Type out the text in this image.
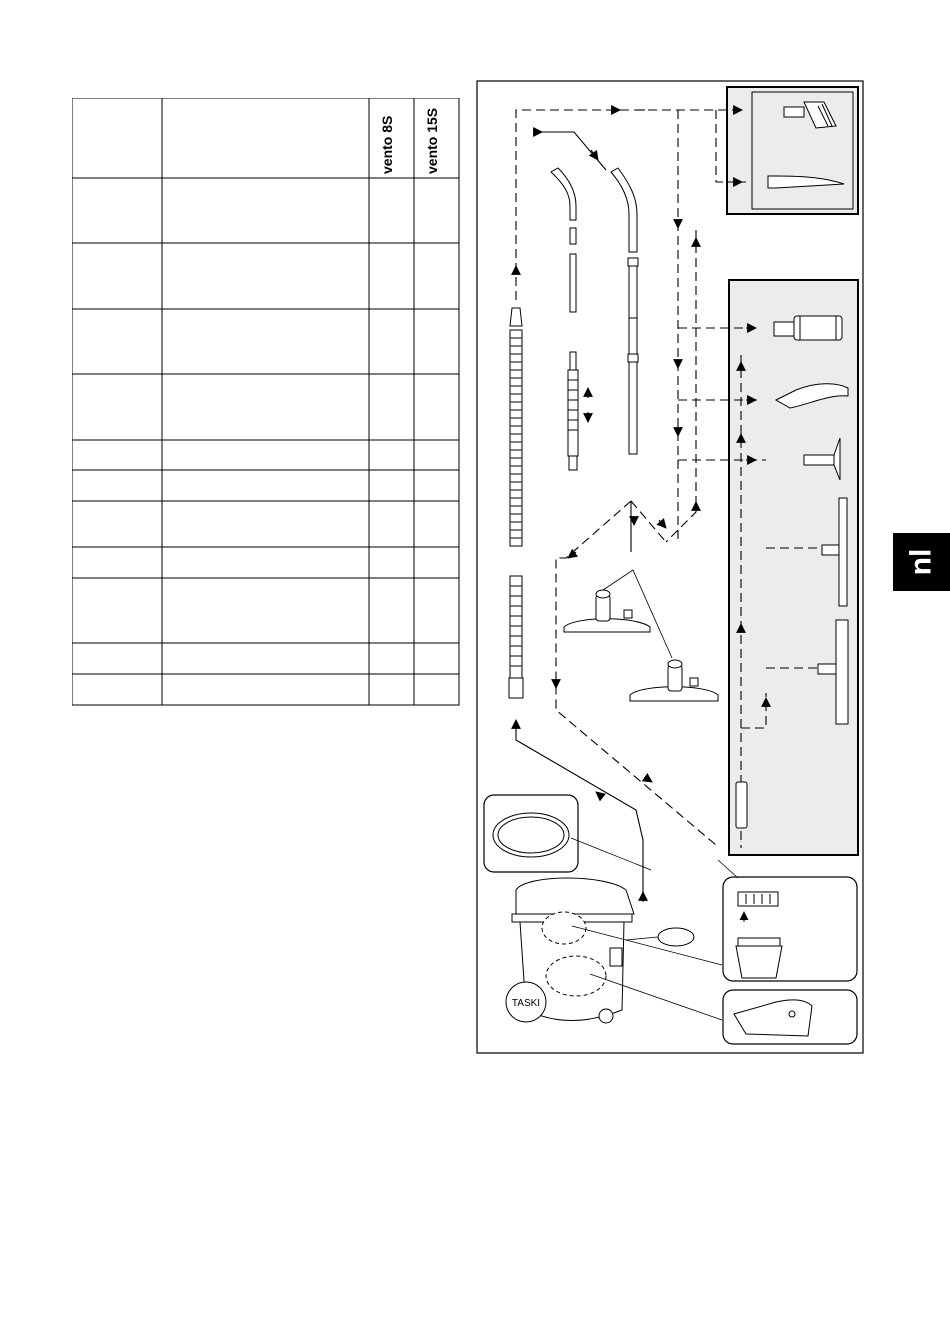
vento 8S vento 15S
TASKI
nl
